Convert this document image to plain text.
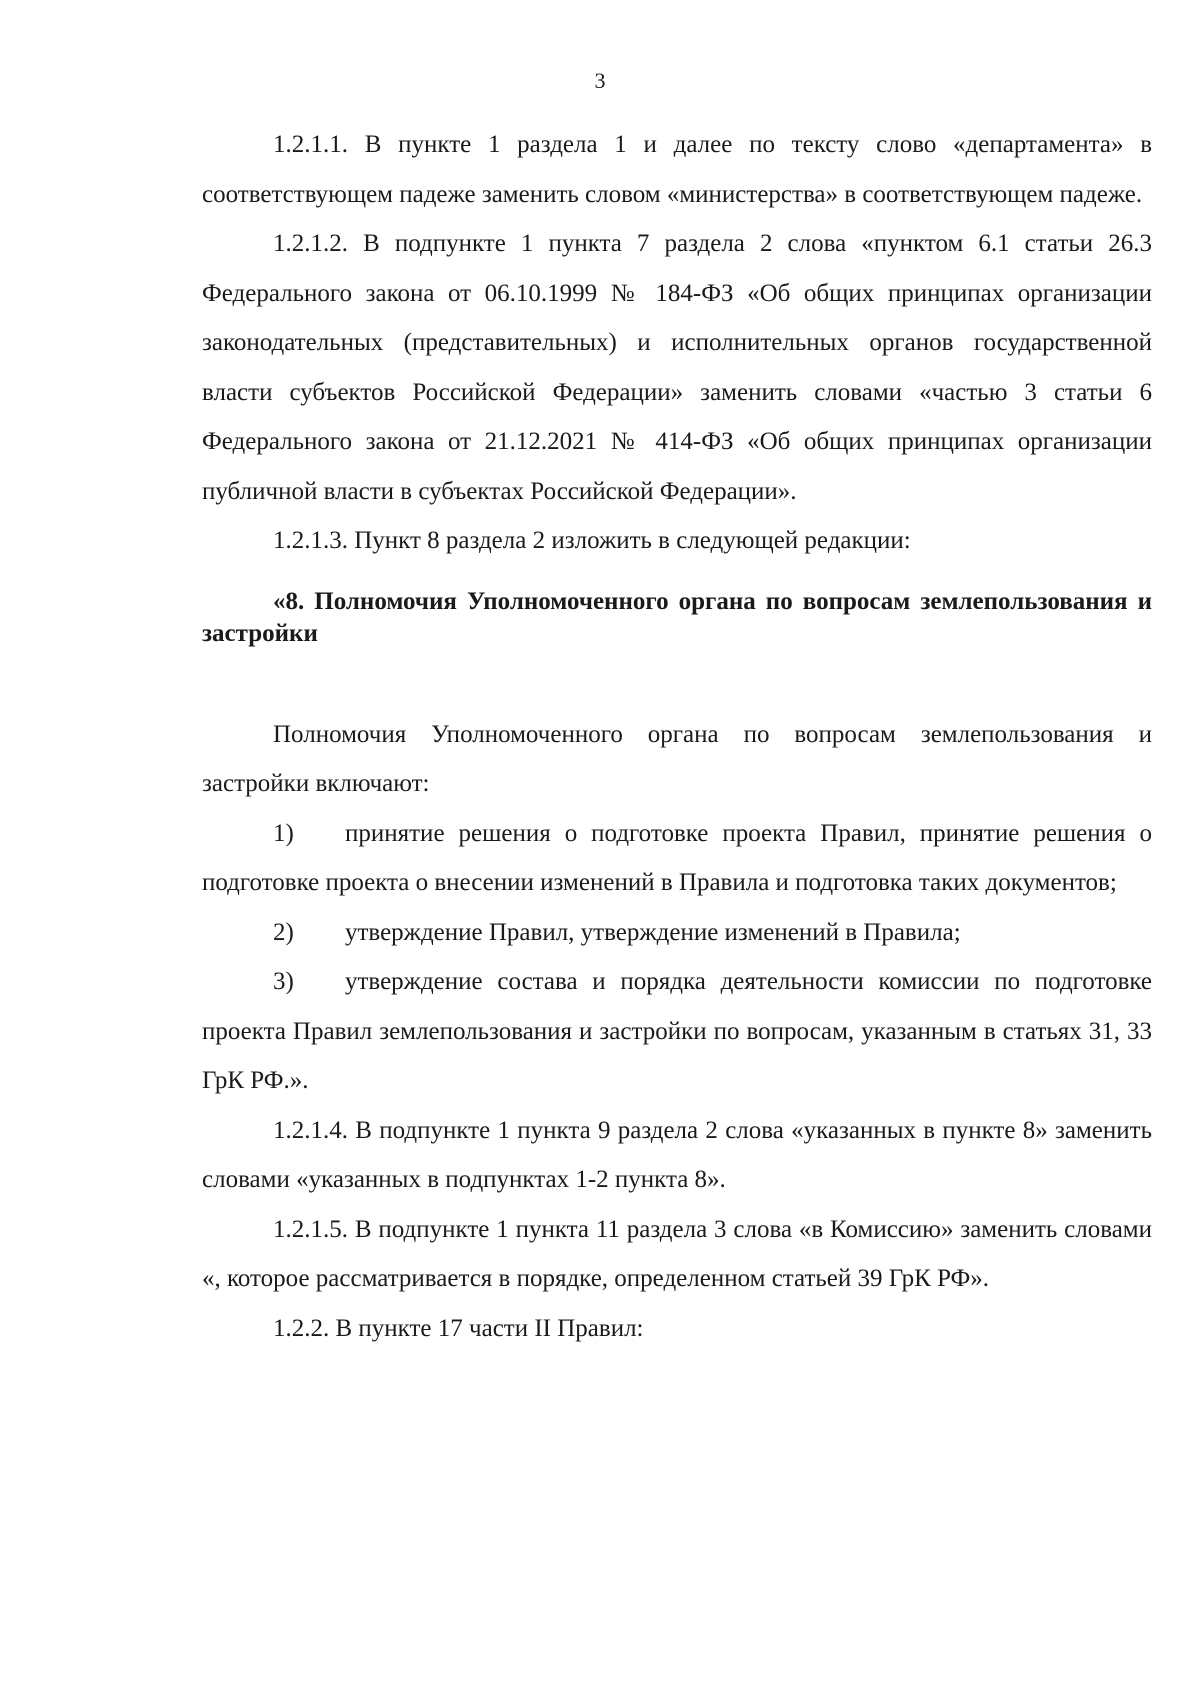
3

1.2.1.1. В пункте 1 раздела 1 и далее по тексту слово «департамента» в соответствующем падеже заменить словом «министерства» в соответствующем падеже.

1.2.1.2. В подпункте 1 пункта 7 раздела 2 слова «пунктом 6.1 статьи 26.3 Федерального закона от 06.10.1999 № 184-ФЗ «Об общих принципах организации законодательных (представительных) и исполнительных органов государственной власти субъектов Российской Федерации» заменить словами «частью 3 статьи 6 Федерального закона от 21.12.2021 № 414-ФЗ «Об общих принципах организации публичной власти в субъектах Российской Федерации».

1.2.1.3. Пункт 8 раздела 2 изложить в следующей редакции:

«8. Полномочия Уполномоченного органа по вопросам землепользования и застройки

Полномочия Уполномоченного органа по вопросам землепользования и застройки включают:

1) принятие решения о подготовке проекта Правил, принятие решения о подготовке проекта о внесении изменений в Правила и подготовка таких документов;

2) утверждение Правил, утверждение изменений в Правила;

3) утверждение состава и порядка деятельности комиссии по подготовке проекта Правил землепользования и застройки по вопросам, указанным в статьях 31, 33 ГрК РФ.».

1.2.1.4. В подпункте 1 пункта 9 раздела 2 слова «указанных в пункте 8» заменить словами «указанных в подпунктах 1-2 пункта 8».

1.2.1.5. В подпункте 1 пункта 11 раздела 3 слова «в Комиссию» заменить словами «, которое рассматривается в порядке, определенном статьей 39 ГрК РФ».

1.2.2. В пункте 17 части II Правил:
